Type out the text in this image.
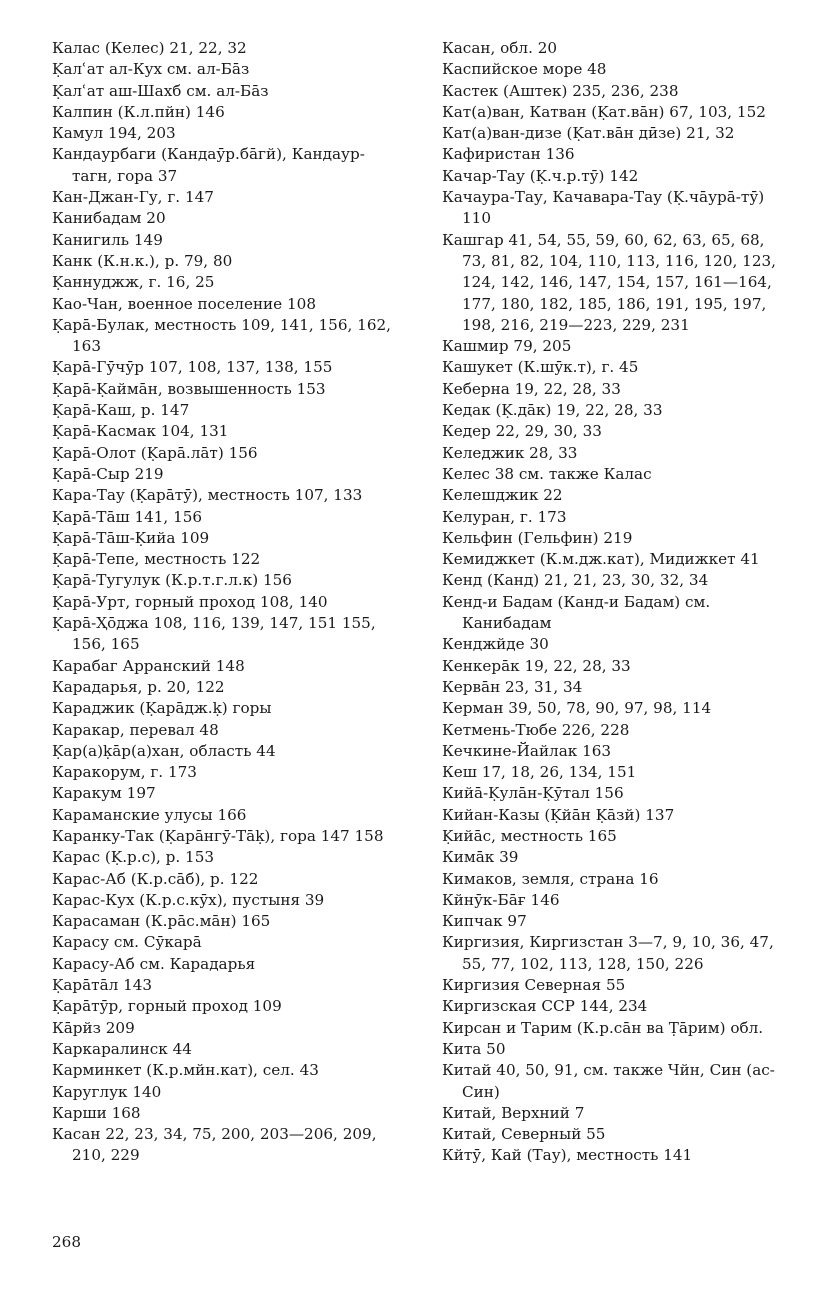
Калас (Келес) 21, 22, 32
Ḳалʿат ал-Кух см. ал-Бāз
Ḳалʿат аш-Шахб см. ал-Бāз
Калпин (К.л.пйн) 146
Камул 194, 203
Кандаурбаги (Кандаӯр.бāгй), Кандаур-тагн, гора 37
Кан-Джан-Гу, г. 147
Канибадам 20
Канигиль 149
Канк (К.н.к.), р. 79, 80
Ḳаннуджж, г. 16, 25
Као-Чан, военное поселение 108
Ḳарā-Булак, местность 109, 141, 156, 162, 163
Ḳарā-Гӯчӯр 107, 108, 137, 138, 155
Ḳарā-Ḳаймāн, возвышенность 153
Ḳарā-Каш, р. 147
Ḳарā-Касмак 104, 131
Ḳарā-Олот (Ḳарā.лāт) 156
Ḳарā-Сыр 219
Кара-Тау (Ḳарāтӯ), местность 107, 133
Ḳарā-Тāш 141, 156
Ḳарā-Тāш-Ḳийа 109
Ḳарā-Тепе, местность 122
Ḳарā-Тугулук (К.р.т.г.л.к) 156
Ḳарā-Урт, горный проход 108, 140
Ḳарā-Ҳōджа 108, 116, 139, 147, 151 155, 156, 165
Карабаг Арранский 148
Карадарья, р. 20, 122
Караджик (Ḳарāдж.ḳ) горы
Каракар, перевал 48
Ḳар(а)ḳāр(а)хан, область 44
Каракорум, г. 173
Каракум 197
Караманские улусы 166
Каранку-Так (Ḳарāнгӯ-Тāḳ), гора 147 158
Карас (Ḳ.р.с), р. 153
Карас-Аб (К.р.сāб), р. 122
Карас-Кух (К.р.с.кӯх), пустыня 39
Карасаман (К.рāс.мāн) 165
Карасу см. Сӯкарā
Карасу-Аб см. Карадарья
Ḳарāтāл 143
Ḳарāтӯр, горный проход 109
Кāрйз 209
Каркаралинск 44
Карминкет (К.р.мйн.кат), сел. 43
Каруглук 140
Карши 168
Касан 22, 23, 34, 75, 200, 203—206, 209, 210, 229
Касан, обл. 20
Каспийское море 48
Кастек (Аштек) 235, 236, 238
Кат(а)ван, Катван (Ḳат.вāн) 67, 103, 152
Кат(а)ван-дизе (Ḳат.вāн дӣзе) 21, 32
Кафиристан 136
Качар-Тау (Ḳ.ч.р.тӯ) 142
Качаура-Тау, Качавара-Тау (Ḳ.чāурā-тӯ) 110
Кашгар 41, 54, 55, 59, 60, 62, 63, 65, 68, 73, 81, 82, 104, 110, 113, 116, 120, 123, 124, 142, 146, 147, 154, 157, 161—164, 177, 180, 182, 185, 186, 191, 195, 197, 198, 216, 219—223, 229, 231
Кашмир 79, 205
Кашукет (К.шӯк.т), г. 45
Кеберна 19, 22, 28, 33
Кедак (Ḳ.дāк) 19, 22, 28, 33
Кедер 22, 29, 30, 33
Келеджик 28, 33
Келес 38 см. также Калас
Келешджик 22
Келуран, г. 173
Кельфин (Гельфин) 219
Кемиджкет (К.м.дж.кат), Мидижкет 41
Кенд (Канд) 21, 21, 23, 30, 32, 34
Кенд-и Бадам (Канд-и Бадам) см. Канибадам
Кенджйде 30
Кенкерāк 19, 22, 28, 33
Кервāн 23, 31, 34
Керман 39, 50, 78, 90, 97, 98, 114
Кетмень-Тюбе 226, 228
Кечкине-Йайлак 163
Кеш 17, 18, 26, 134, 151
Кийā-Ḳулāн-Ḳӯтал 156
Кийан-Казы (Ḳйāн Ḳāзй) 137
Ḳийāс, местность 165
Кимāк 39
Кимаков, земля, страна 16
Кйнӯк-Бāғ 146
Кипчак 97
Киргизия, Киргизстан 3—7, 9, 10, 36, 47, 55, 77, 102, 113, 128, 150, 226
Киргизия Северная 55
Киргизская ССР 144, 234
Кирсан и Тарим (К.р.сāн ва Ṭāрим) обл.
Кита 50
Китай 40, 50, 91, см. также Чйн, Син (ас-Син)
Китай, Верхний 7
Китай, Северный 55
Кйтӯ, Кай (Тау), местность 141
268
